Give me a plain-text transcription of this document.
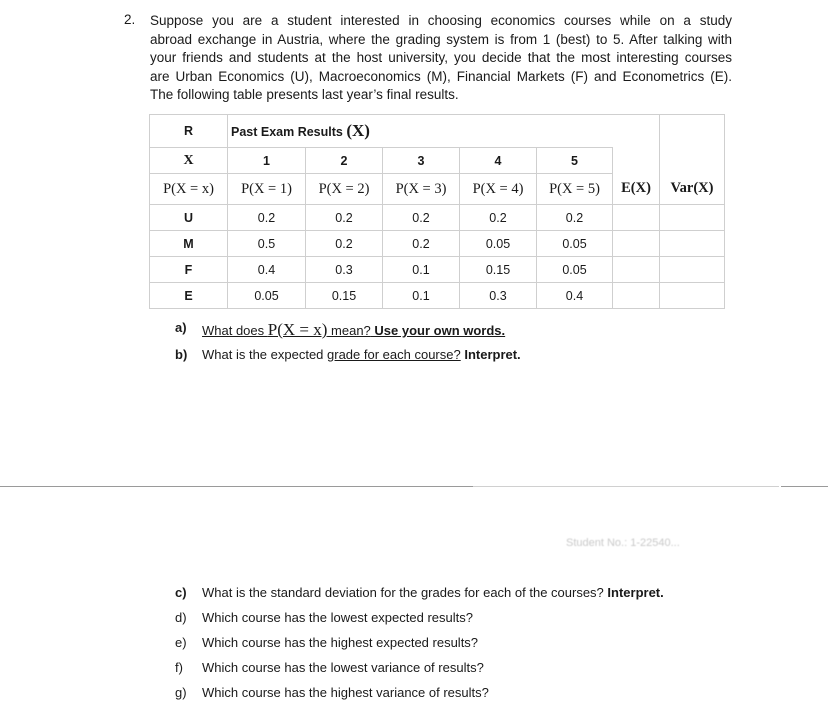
2. Suppose you are a student interested in choosing economics courses while on a study
abroad exchange in Austria, where the grading system is from 1 (best) to 5. After talking with
your friends and students at the host university, you decide that the most interesting courses
are Urban Economics (U), Macroeconomics (M), Financial Markets (F) and Econometrics (E).
The following table presents last year’s final results.
R	Past Exam Results (X)						
X	1	2	3	4	5		
P(X = x)	P(X = 1)	P(X = 2)	P(X = 3)	P(X = 4)	P(X = 5)	E(X)	Var(X)
U	0.2	0.2	0.2	0.2	0.2		
M	0.5	0.2	0.2	0.05	0.05		
F	0.4	0.3	0.1	0.15	0.05		
E	0.05	0.15	0.1	0.3	0.4		
a) What does P(X = x) mean? Use your own words.
b) What is the expected grade for each course? Interpret.
Student No.: 1-22540...
c) What is the standard deviation for the grades for each of the courses? Interpret.
d) Which course has the lowest expected results?
e) Which course has the highest expected results?
f) Which course has the lowest variance of results?
g) Which course has the highest variance of results?
